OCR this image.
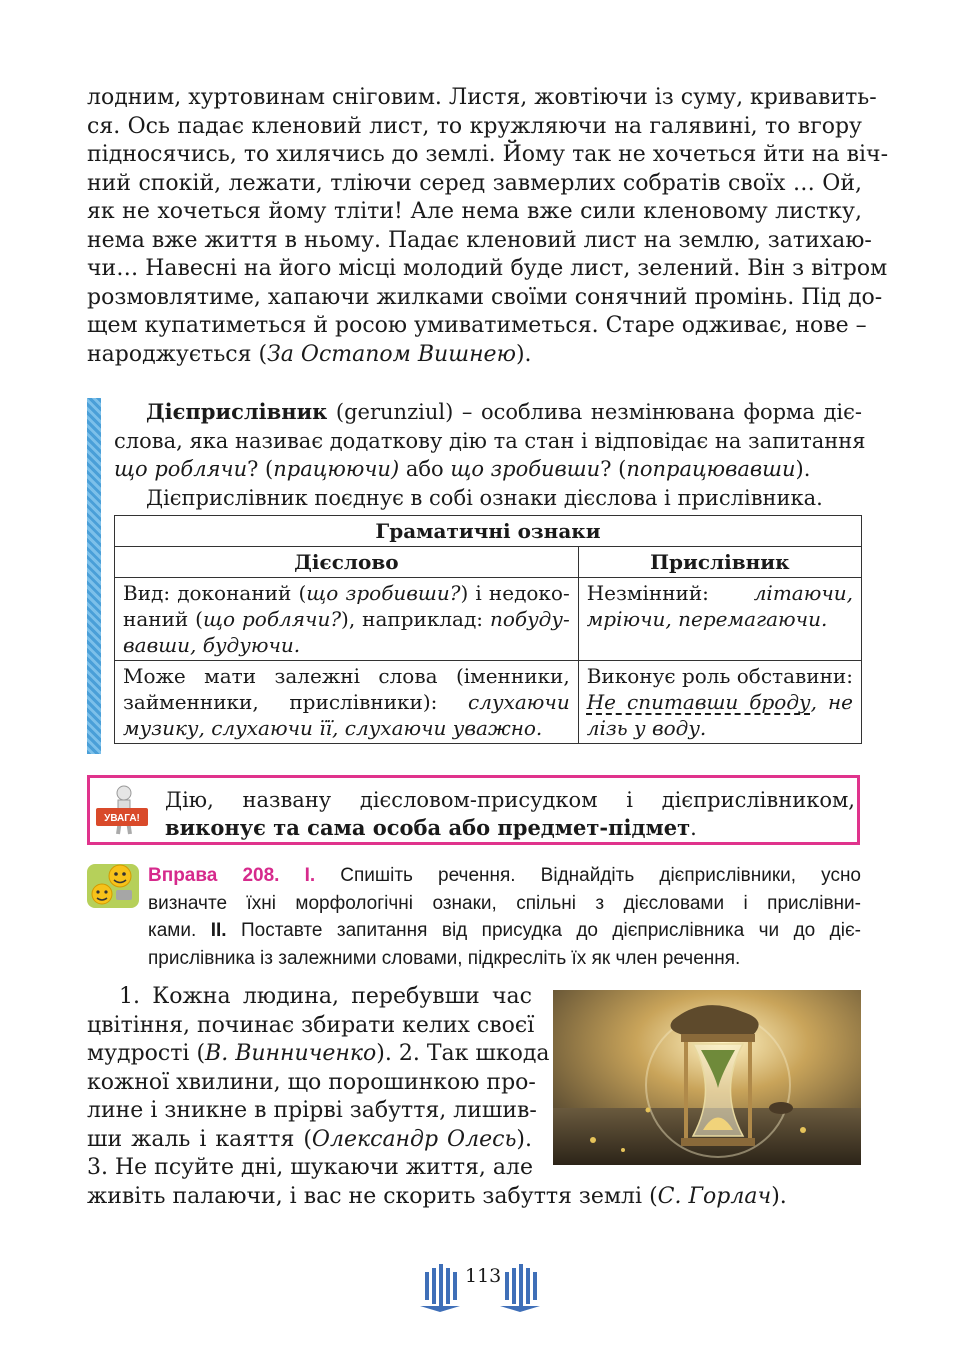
лодним, хуртовинам сніговим. Листя, жовтіючи із суму, кривавить-
ся. Ось падає кленовий лист, то кружляючи на галявині, то вгору
підносячись, то хилячись до землі. Йому так не хочеться йти на віч-
ний спокій, лежати, тліючи серед завмерлих собратів своїх … Ой,
як не хочеться йому тліти! Але нема вже сили кленовому листку,
нема вже життя в ньому. Падає кленовий лист на землю, затихаю-
чи… Навесні на його місці молодий буде лист, зелений. Він з вітром
розмовлятиме, хапаючи жилками своїми сонячний промінь. Під до-
щем купатиметься й росою умиватиметься. Старе одживає, нове –
народжується (За Остапом Вишнею).
Дієприслівник (gerunziul) – особлива незмінювана форма діє-
слова, яка називає додаткову дію та стан і відповідає на запитання
що роблячи? (працюючи) або що зробивши? (попрацювавши).
Дієприслівник поєднує в собі ознаки дієслова і прислівника.
Граматичні ознаки	
Дієслово	Прислівник

Вид: доконаний (що зробивши?) і недоко-
наний (що роблячи?), наприклад: побуду-
вавши, будуючи.	Незмінний: літаючи,
мріючи, перемагаючи.

Може мати залежні слова (іменники,
займенники, прислівники): слухаючи
музику, слухаючи її, слухаючи уважно.	Виконує роль обставини:
Не спитавши броду, не
лізь у воду.
УВАГА!
Дію, названу дієсловом-присудком і дієприслівником,
виконує та сама особа або предмет-підмет.
Вправа 208. I. Спишіть речення. Віднайдіть дієприслівники, усно
визначте їхні морфологічні ознаки, спільні з дієсловами і прислівни-
ками. II. Поставте запитання від присудка до дієприслівника чи до діє-
прислівника із залежними словами, підкресліть їх як член речення.
1. Кожна людина, перебувши час
цвітіння, починає збирати келих своєї
мудрості (В. Винниченко). 2. Так шкода
кожної хвилини, що порошинкою про-
лине і зникне в прірві забуття, лишив-
ши жаль і каяття (Олександр Олесь).
3. Не псуйте дні, шукаючи життя, але
живіть палаючи, і вас не скорить забуття землі (С. Горлач).
113
